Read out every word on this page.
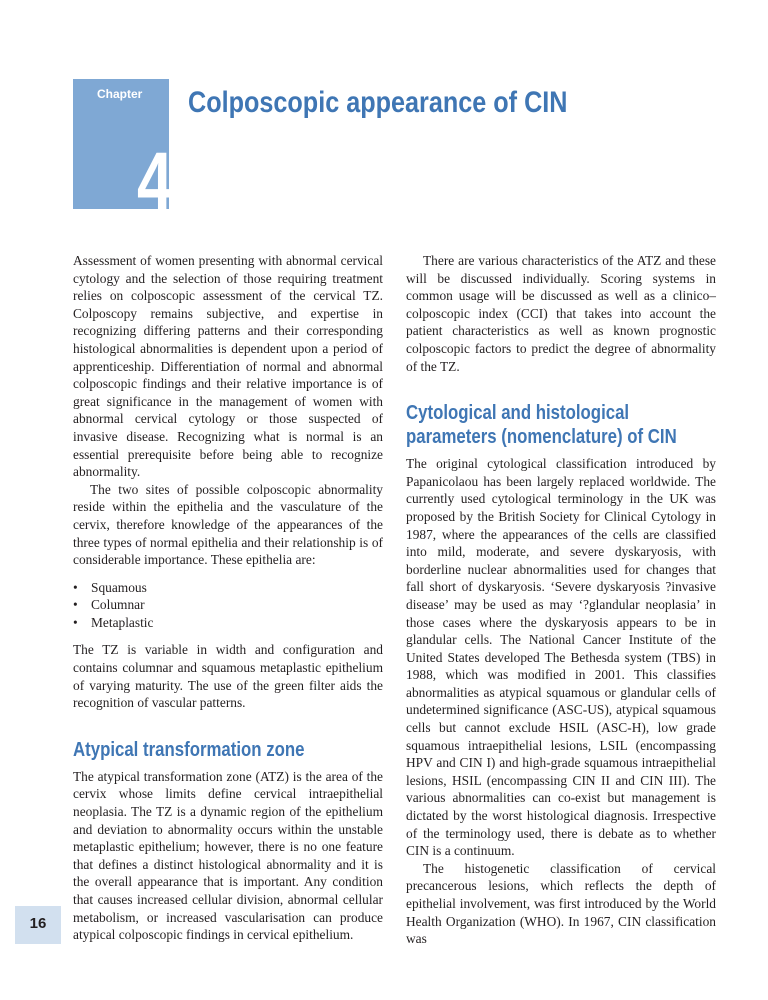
Chapter
4
Colposcopic appearance of CIN

Assessment of women presenting with abnormal cervical cytology and the selection of those requiring treatment relies on colposcopic assessment of the cervical TZ. Colposcopy remains subjective, and expertise in recognizing differing patterns and their corresponding histological abnormalities is dependent upon a period of apprenticeship. Differentiation of normal and abnormal colposcopic findings and their relative importance is of great significance in the management of women with abnormal cervical cytology or those suspected of invasive disease. Recognizing what is normal is an essential prerequisite before being able to recognize abnormality.

The two sites of possible colposcopic abnormality reside within the epithelia and the vasculature of the cervix, therefore knowledge of the appearances of the three types of normal epithelia and their relationship is of considerable importance. These epithelia are:

• Squamous
• Columnar
• Metaplastic

The TZ is variable in width and configuration and contains columnar and squamous metaplastic epithelium of varying maturity. The use of the green filter aids the recognition of vascular patterns.

Atypical transformation zone

The atypical transformation zone (ATZ) is the area of the cervix whose limits define cervical intraepithelial neoplasia. The TZ is a dynamic region of the epithelium and deviation to abnormality occurs within the unstable metaplastic epithelium; however, there is no one feature that defines a distinct histological abnormality and it is the overall appearance that is important. Any condition that causes increased cellular division, abnormal cellular metabolism, or increased vascularisation can produce atypical colposcopic findings in cervical epithelium.

There are various characteristics of the ATZ and these will be discussed individually. Scoring systems in common usage will be discussed as well as a clinico–colposcopic index (CCI) that takes into account the patient characteristics as well as known prognostic colposcopic factors to predict the degree of abnormality of the TZ.

Cytological and histological parameters (nomenclature) of CIN

The original cytological classification introduced by Papanicolaou has been largely replaced worldwide. The currently used cytological terminology in the UK was proposed by the British Society for Clinical Cytology in 1987, where the appearances of the cells are classified into mild, moderate, and severe dyskaryosis, with borderline nuclear abnormalities used for changes that fall short of dyskaryosis. ‘Severe dyskaryosis ?invasive disease’ may be used as may ‘?glandular neoplasia’ in those cases where the dyskaryosis appears to be in glandular cells. The National Cancer Institute of the United States developed The Bethesda system (TBS) in 1988, which was modified in 2001. This classifies abnormalities as atypical squamous or glandular cells of undetermined significance (ASC-US), atypical squamous cells but cannot exclude HSIL (ASC-H), low grade squamous intraepithelial lesions, LSIL (encompassing HPV and CIN I) and high-grade squamous intraepithelial lesions, HSIL (encompassing CIN II and CIN III). The various abnormalities can co-exist but management is dictated by the worst histological diagnosis. Irrespective of the terminology used, there is debate as to whether CIN is a continuum.

The histogenetic classification of cervical precancerous lesions, which reflects the depth of epithelial involvement, was first introduced by the World Health Organization (WHO). In 1967, CIN classification was

16
